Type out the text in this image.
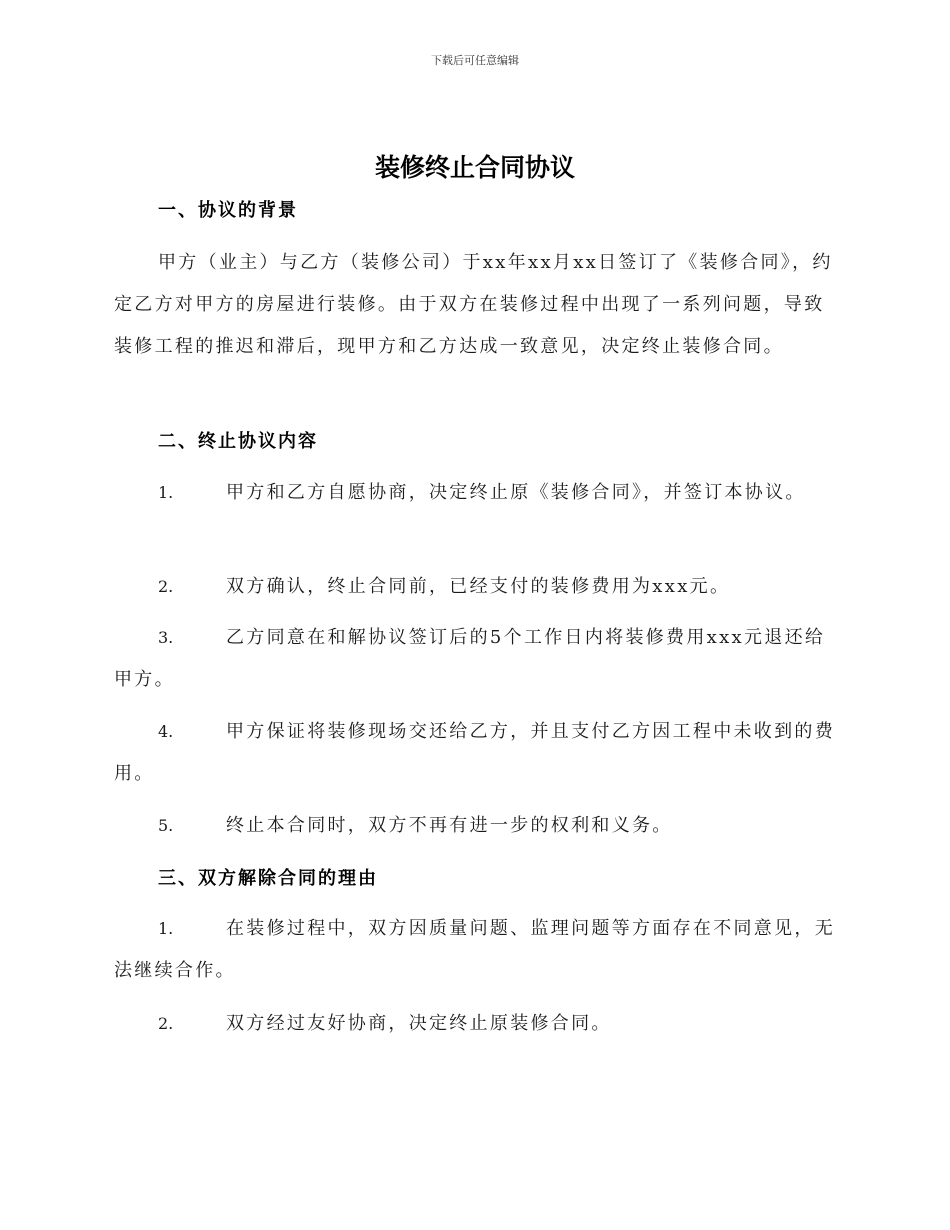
下载后可任意编辑
装修终止合同协议
一、协议的背景
甲方（业主）与乙方（装修公司）于xx年xx月xx日签订了《装修合同》，约定乙方对甲方的房屋进行装修。由于双方在装修过程中出现了一系列问题，导致装修工程的推迟和滞后，现甲方和乙方达成一致意见，决定终止装修合同。
二、终止协议内容
1.	甲方和乙方自愿协商，决定终止原《装修合同》，并签订本协议。
2.	双方确认，终止合同前，已经支付的装修费用为xxx元。
3.	乙方同意在和解协议签订后的5个工作日内将装修费用xxx元退还给甲方。
4.	甲方保证将装修现场交还给乙方，并且支付乙方因工程中未收到的费用。
5.	终止本合同时，双方不再有进一步的权利和义务。
三、双方解除合同的理由
1.	在装修过程中，双方因质量问题、监理问题等方面存在不同意见，无法继续合作。
2.	双方经过友好协商，决定终止原装修合同。
